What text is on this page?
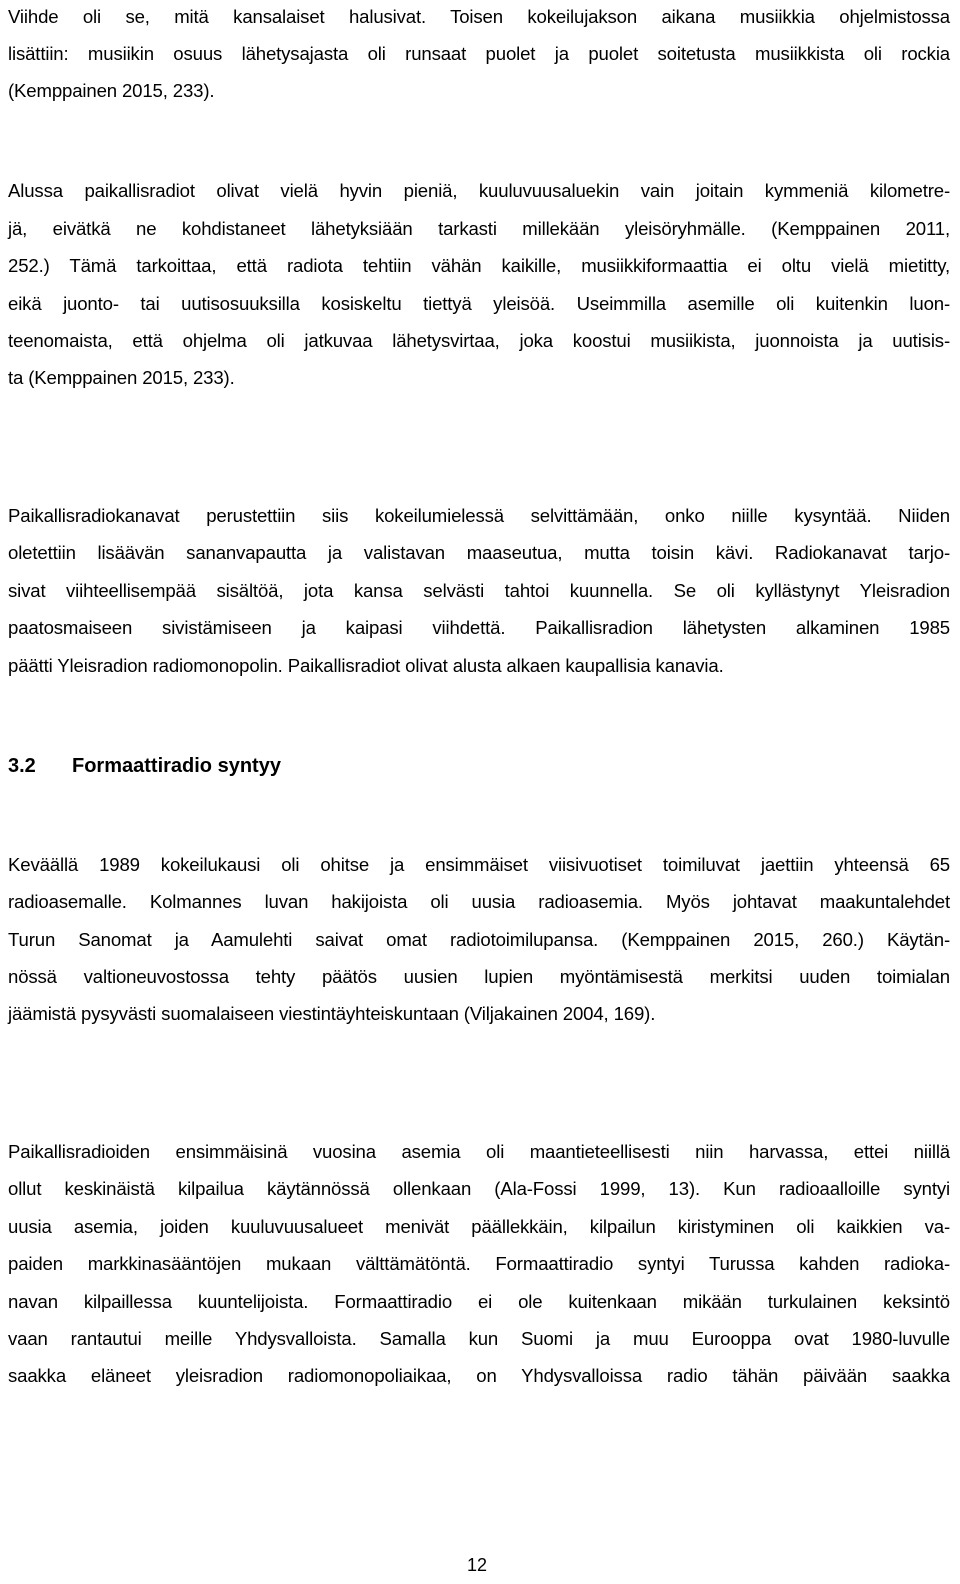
Viihde oli se, mitä kansalaiset halusivat. Toisen kokeilujakson aikana musiikkia ohjelmistossa
lisättiin: musiikin osuus lähetysajasta oli runsaat puolet ja puolet soitetusta musiikkista oli rockia
(Kemppainen 2015, 233).
Alussa paikallisradiot olivat vielä hyvin pieniä, kuuluvuusaluekin vain joitain kymmeniä kilometre-
jä, eivätkä ne kohdistaneet lähetyksiään tarkasti millekään yleisöryhmälle. (Kemppainen 2011,
252.) Tämä tarkoittaa, että radiota tehtiin vähän kaikille, musiikkiformaattia ei oltu vielä mietitty,
eikä juonto- tai uutisosuuksilla kosiskeltu tiettyä yleisöä. Useimmilla asemille oli kuitenkin luon-
teenomaista, että ohjelma oli jatkuvaa lähetysvirtaa, joka koostui musiikista, juonnoista ja uutisis-
ta (Kemppainen 2015, 233).
Paikallisradiokanavat perustettiin siis kokeilumielessä selvittämään, onko niille kysyntää. Niiden
oletettiin lisäävän sananvapautta ja valistavan maaseutua, mutta toisin kävi. Radiokanavat tarjo-
sivat viihteellisempää sisältöä, jota kansa selvästi tahtoi kuunnella. Se oli kyllästynyt Yleisradion
paatosmaiseen sivistämiseen ja kaipasi viihdettä. Paikallisradion lähetysten alkaminen 1985
päätti Yleisradion radiomonopolin. Paikallisradiot olivat alusta alkaen kaupallisia kanavia.
3.2 Formaattiradio syntyy
Keväällä 1989 kokeilukausi oli ohitse ja ensimmäiset viisivuotiset toimiluvat jaettiin yhteensä 65
radioasemalle. Kolmannes luvan hakijoista oli uusia radioasemia. Myös johtavat maakuntalehdet
Turun Sanomat ja Aamulehti saivat omat radiotoimilupansa. (Kemppainen 2015, 260.) Käytän-
nössä valtioneuvostossa tehty päätös uusien lupien myöntämisestä merkitsi uuden toimialan
jäämistä pysyvästi suomalaiseen viestintäyhteiskuntaan (Viljakainen 2004, 169).
Paikallisradioiden ensimmäisinä vuosina asemia oli maantieteellisesti niin harvassa, ettei niillä
ollut keskinäistä kilpailua käytännössä ollenkaan (Ala-Fossi 1999, 13). Kun radioaalloille syntyi
uusia asemia, joiden kuuluvuusalueet menivät päällekkäin, kilpailun kiristyminen oli kaikkien va-
paiden markkinasääntöjen mukaan välttämätöntä. Formaattiradio syntyi Turussa kahden radioka-
navan kilpaillessa kuuntelijoista. Formaattiradio ei ole kuitenkaan mikään turkulainen keksintö
vaan rantautui meille Yhdysvalloista. Samalla kun Suomi ja muu Eurooppa ovat 1980-luvulle
saakka eläneet yleisradion radiomonopoliaikaa, on Yhdysvalloissa radio tähän päivään saakka
12
